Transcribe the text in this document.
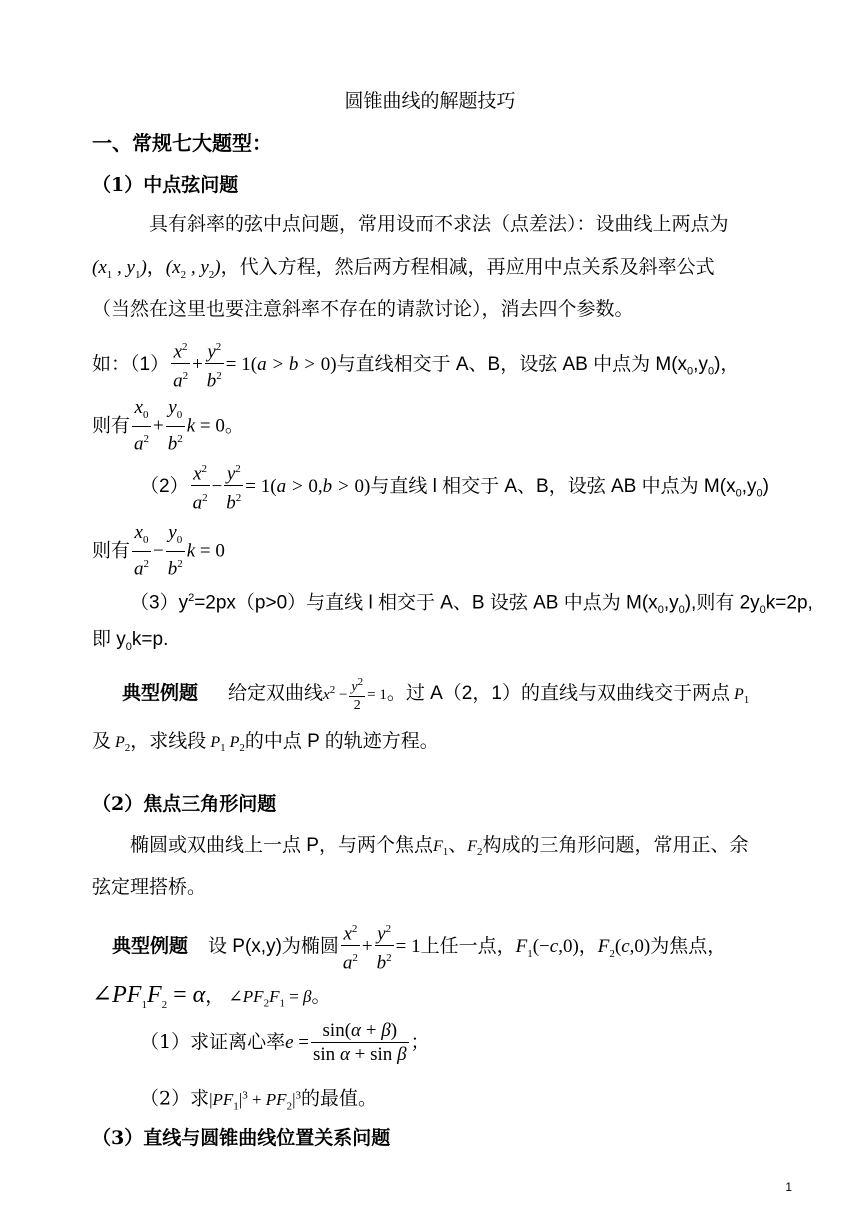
圆锥曲线的解题技巧
一、常规七大题型：
（1）中点弦问题
具有斜率的弦中点问题，常用设而不求法（点差法）：设曲线上两点为
($x_1$ , $y_1$)，($x_2$ , $y_2$)，代入方程，然后两方程相减，再应用中点关系及斜率公式
（当然在这里也要注意斜率不存在的请款讨论），消去四个参数。
如：$(1) \frac{x^2}{a^2} + \frac{y^2}{b^2} = 1(a > b > 0)$与直线相交于 A、B，设弦 AB 中点为 $M(x_0,y_0)$，
则有 $\frac{x_0}{a^2} + \frac{y_0}{b^2}$ k = 0。
$(2) \frac{x^2}{a^2} - \frac{y^2}{b^2} = 1(a > 0,b > 0)$与直线 l 相交于 A、B，设弦 AB 中点为 $M(x_0,y_0)$
则有 $\frac{x_0}{a^2} - \frac{y_0}{b^2}$ k = 0
$(3)y^2=2px(p>0)$与直线 l 相交于 A、B 设弦 AB 中点为 $M(x_0,y_0)$,则有 $2y_0k=2p$,
即 $y_0k=p$.
典型例题 给定双曲线$x^2 - \frac{y^2}{2} = 1$。过 A（2，1）的直线与双曲线交于两点 $P_1$
及 $P_2$，求线段 $P_1$ $P_2$的中点 P 的轨迹方程。
（2）焦点三角形问题
椭圆或双曲线上一点 P，与两个焦点$F_1$、$F_2$构成的三角形问题，常用正、余
弦定理搭桥。
典型例题 设 P(x,y)为椭圆 $\frac{x^2}{a^2} + \frac{y^2}{b^2} = 1$上任一点，$F_1(-c,0)$，$F_2(c,0)$为焦点，
$\angle PF_1F_2 = \alpha$， $\angle PF_2F_1 = \beta$。
（1）求证离心率$e = \frac{\sin(\alpha + \beta)}{\text{sin α + sin β}}$ ；
（2）求$|PF_1|^3 + PF_2|^3$的最值。
（3）直线与圆锥曲线位置关系问题
1
